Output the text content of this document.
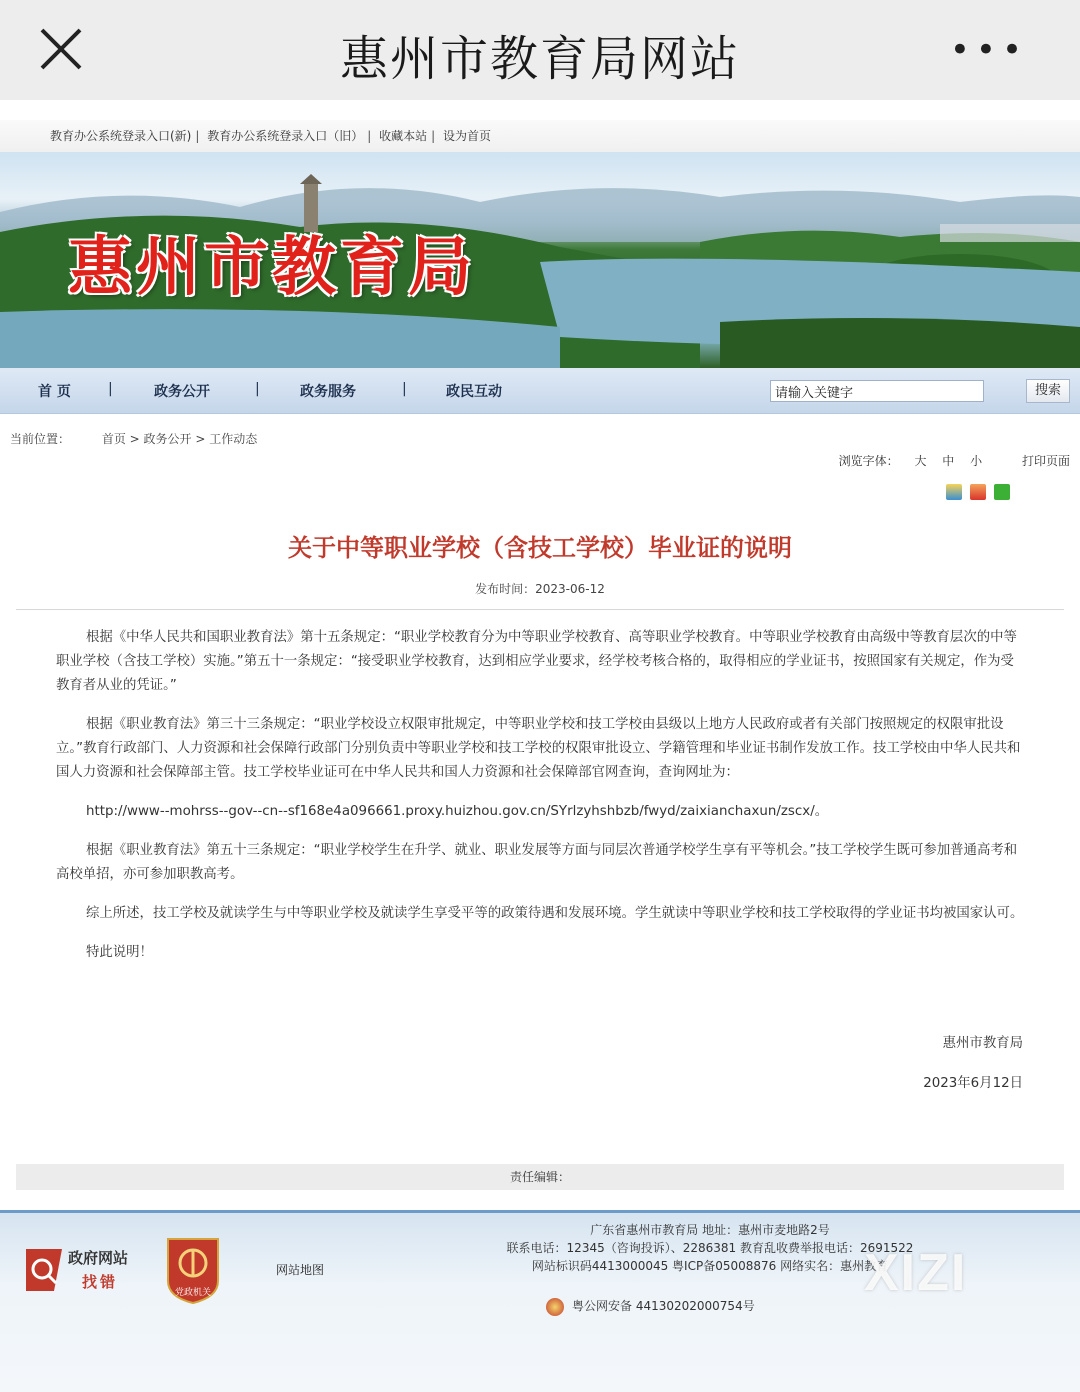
惠州市教育局网站	•••
教育办公系统登录入口(新) | 教育办公系统登录入口（旧） | 收藏本站 | 设为首页
惠州市教育局
首 页	|	政务公开	|	政务服务	|	政民互动
请输入关键字	搜索
当前位置：	首页 > 政务公开 > 工作动态
浏览字体： 大 中 小	打印页面
关于中等职业学校（含技工学校）毕业证的说明
发布时间：2023-06-12

根据《中华人民共和国职业教育法》第十五条规定：“职业学校教育分为中等职业学校教育、高等职业学校教育。中等职业学校教育由高级中等教育层次的中等职业学校（含技工学校）实施。”第五十一条规定：“接受职业学校教育，达到相应学业要求，经学校考核合格的，取得相应的学业证书，按照国家有关规定，作为受教育者从业的凭证。”

根据《职业教育法》第三十三条规定：“职业学校设立权限审批规定，中等职业学校和技工学校由县级以上地方人民政府或者有关部门按照规定的权限审批设立。”教育行政部门、人力资源和社会保障行政部门分别负责中等职业学校和技工学校的权限审批设立、学籍管理和毕业证书制作发放工作。技工学校由中华人民共和国人力资源和社会保障部主管。技工学校毕业证可在中华人民共和国人力资源和社会保障部官网查询，查询网址为：

http://www--mohrss--gov--cn--sf168e4a096661.proxy.huizhou.gov.cn/SYrlzyhshbzb/fwyd/zaixianchaxun/zscx/。

根据《职业教育法》第五十三条规定：“职业学校学生在升学、就业、职业发展等方面与同层次普通学校学生享有平等机会。”技工学校学生既可参加普通高考和高校单招，亦可参加职教高考。

综上所述，技工学校及就读学生与中等职业学校及就读学生享受平等的政策待遇和发展环境。学生就读中等职业学校和技工学校取得的学业证书均被国家认可。

特此说明！

惠州市教育局
2023年6月12日
责任编辑：
政府网站
找错
党政机关
网站地图
广东省惠州市教育局 地址：惠州市麦地路2号
联系电话：12345（咨询投诉）、2286381 教育乱收费举报电话：2691522
网站标识码4413000045 粤ICP备05008876 网络实名：惠州教育
粤公网安备 44130202000754号
XIZI
